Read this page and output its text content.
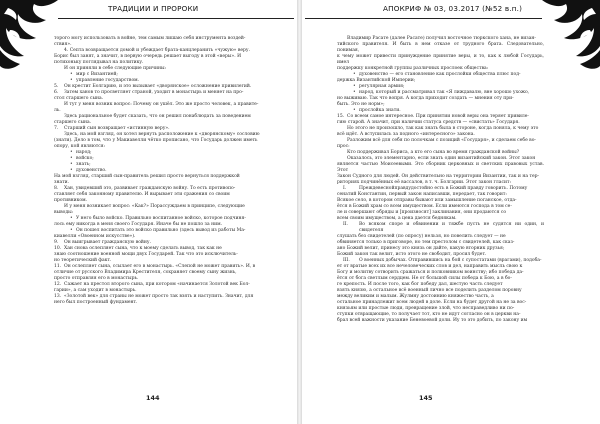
ТРАДИЦИИ И ПРОРОКИ

торого могу использовать в войне, тем самым лишаю себя инструмента воздей-

ствия».

4. Септа возвращается домой и убеждает брата-канцлеранить «чужую» веру.

Борис был занят, а значит, в первую очередь решает выгоду в этой «веры». И

потихоньку поглядывал на политику.

И он приняли в себе следующие причины:

• мир с Византией;
• управление государством.

5. Он крестит Болгарию, и это вызывает «дворянское» осложнение привилегий.

6. Затем ханов то просветляет страной, уходит в монастырь и меняет на про-

стол старшего сына.

И тут у меня возник вопрос: Почему он ушёл. Это же просто человек, а правите-

ль.

Здесь рациональное будет сказать, что он решил понаблюдать за поведением

старшего сына.

7. Старший сын возвращает «истинную веру».

Здесь, на мой взгляд, он хотел вернуть расположение к «дворянскому» сословию

(знати). Дело в том, что у Макиавелли чётко прописано, что Государь должен иметь

опору, кой являются:

• народ;
• войско;
• знать;
• духовенство.

На мой взгляд, старший сын-правитель решил просто вернуться поддержкой

знати.

8. Хан, увидевший это, развивает гражданскую войну. То есть противопо-

ставляет себя законному правителю. И вырывает эти сражения со своим

противником.

И у меня возникает вопрос: «Как?» Порассуждаем в принципе, следующие

выводы:

• У него было войско. Правильно воспитанное войско, которое подчиня-

лось ему никогда в меня своего Государя. Иначе бы не пошло за ним.

• Он пошел воспитать это войско правильно (здесь вывод из работы Ма-

киавелли «Овоенном искусстве»).

9. Он выигрывает гражданскую войну.

10. Хан снова ослепляет сына, что к моему сделать вывод, так как не

знаю соотношение военной мощи двух Государей. Так что это исключитель-

но теоретический факт.

11. Он ослепляет сына, ссылает его в монастырь. «Слепой не может править». И, в

отличие от русского Владимира Крестителя, сохраняет своему сыну жизнь,

просто отправляя его в монастырь.

12. Сажает на престол второго сына, при котором «начинается Золотой век Бол-

гарии», а сам уходит в монастырь.

13. «Золотой век» для страны не может просто так взять и наступить. Значит, для

него был построенный фундамент.

144
АПОКРИФ № 03, 03.2017 (№52 в.п.)

Владимир Расате (далее Расате) получил восточное тюркского хана, не визан-

тийского правителя. И быть в нем отказе от трудного брата. Следовательно, понимая,

к чему может привести принуждение принятие веры, и то, как к любой Государь, имел

поддержку конкретной группы различных прослоек общества:

• духовенство — его становление как прослойки общества плюс под-

держка Византийской Империи;

• регулярная армия;
• народ, который и рассматривал так «Я лиждавалю, вне хорошо ухожо,

но выживаю. Так что вопря. А когда приходит создать — мнения оту при-

быть. Это не норм»;

• прослойка знати.

15. Со всеем самое интересное. При принятии новой веры она теряет привиле-

гию старой. А значит, при наличии статуса средств — «свистать» Государя.

Но этого не произошло, так как знать была в стороне, когда поняла, к чему это

всё идёт. А вступилась за подного «интересного» закона.

Разложим всё для себя по полочкам с позиций «Государя», и сделаем себе во-

прос:

Кто поддерживал Бориса, а кто его сына во время гражданской войны?

Оказалось, это элементарно, если знать один византийский закон. Этот закон

является частью Моисеевыми. Это сборник церковных и светских правовых устав. Этот

Закон Судного для людей. Он действительно на территории Византии, так и на тер-

риториях подчинённых её вассалов, в т. ч. Болгарии. Этот закон гласит:

I.	Преждевеснойправдудостойно есть в Божий правду говорить. Потому

сенатий Константин, первый закон написавши, передает, так говорит:

Всякое село, в котором отправы бывают или замышление поганское, отда-

ётся в Божий храм со всем имуществом. Если имеются господа в том се-

ле и совершают обряды и [произносят] заклинания, они продаются со

всем своим имуществом, а цена дается беднякам.

II. Во всяком споре и обвинении и тяжбе пусть не судятся ни один, и свидетеля

слушать без свидетелей (по опросу) нельзя, но повелить следует — не

обвиняется только в приговоре, но тем престолом с свидетелей, как сказ-

ано Божий велит, принесу это князь он дайте, какую вторник друзья;

Божий закон так велит, исто этого не свободит, просил будет.

III. О военных добычах. Отправившись на бой с супостатами (врагами), подоба-

ет от вратые всех их все нечеловеческих слов и дел, направить мысль свою к

Богу и молитву сотворить сражаться и полковником воинству; ибо победа да-

ётся от бога светлым сердцем. Не от большой силы победа к Бою, а в бо-

ге крепость. И после того, как бог победу дал, шестую часть следует

взять князю, а остальное всё военный лично все поделить разделом поровну

между великим и малым. Жулмну достоинию княжество часть, а

остальное принадлежит всем людей в доле. Если на будет другой на не за вос-

князьям или простые люди, превращение злой, что несправедливо ни по-

ступки отвращающие, то получает тот, кто не идут согласно он в церкви на-

брал всей важности указание Беневоевой доли. Иу то это добить, по закону им

145
